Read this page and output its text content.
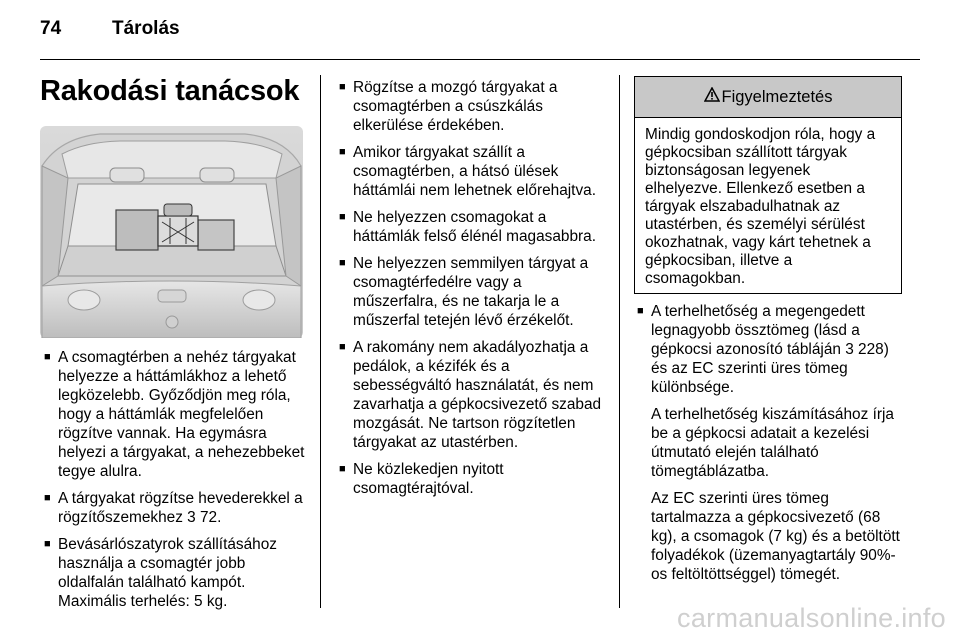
74	Tárolás
Rakodási tanácsok
■ A csomagtérben a nehéz tárgyakat helyezze a háttámlákhoz a lehető legközelebb. Győződjön meg róla, hogy a háttámlák megfelelően rögzítve vannak. Ha egymásra helyezi a tárgyakat, a nehezebbeket tegye alulra.
■ A tárgyakat rögzítse hevederekkel a rögzítőszemekhez 3 72.
■ Bevásárlószatyrok szállításához használja a csomagtér jobb oldalfalán található kampót. Maximális terhelés: 5 kg.
■ Rögzítse a mozgó tárgyakat a csomagtérben a csúszkálás elkerülése érdekében.
■ Amikor tárgyakat szállít a csomagtérben, a hátsó ülések háttámlái nem lehetnek előrehajtva.
■ Ne helyezzen csomagokat a háttámlák felső élénél magasabbra.
■ Ne helyezzen semmilyen tárgyat a csomagtérfedélre vagy a műszerfalra, és ne takarja le a műszerfal tetején lévő érzékelőt.
■ A rakomány nem akadályozhatja a pedálok, a kézifék és a sebességváltó használatát, és nem zavarhatja a gépkocsivezető szabad mozgását. Ne tartson rögzítetlen tárgyakat az utastérben.
■ Ne közlekedjen nyitott csomagtérajtóval.
Figyelmeztetés
Mindig gondoskodjon róla, hogy a gépkocsiban szállított tárgyak biztonságosan legyenek elhelyezve. Ellenkező esetben a tárgyak elszabadulhatnak az utastérben, és személyi sérülést okozhatnak, vagy kárt tehetnek a gépkocsiban, illetve a csomagokban.
■ A terhelhetőség a megengedett legnagyobb össztömeg (lásd a gépkocsi azonosító tábláján 3 228) és az EC szerinti üres tömeg különbsége.
A terhelhetőség kiszámításához írja be a gépkocsi adatait a kezelési útmutató elején található tömegtáblázatba.
Az EC szerinti üres tömeg tartalmazza a gépkocsivezető (68 kg), a csomagok (7 kg) és a betöltött folyadékok (üzemanyagtartály 90%-os feltöltöttséggel) tömegét.
carmanualsonline.info
